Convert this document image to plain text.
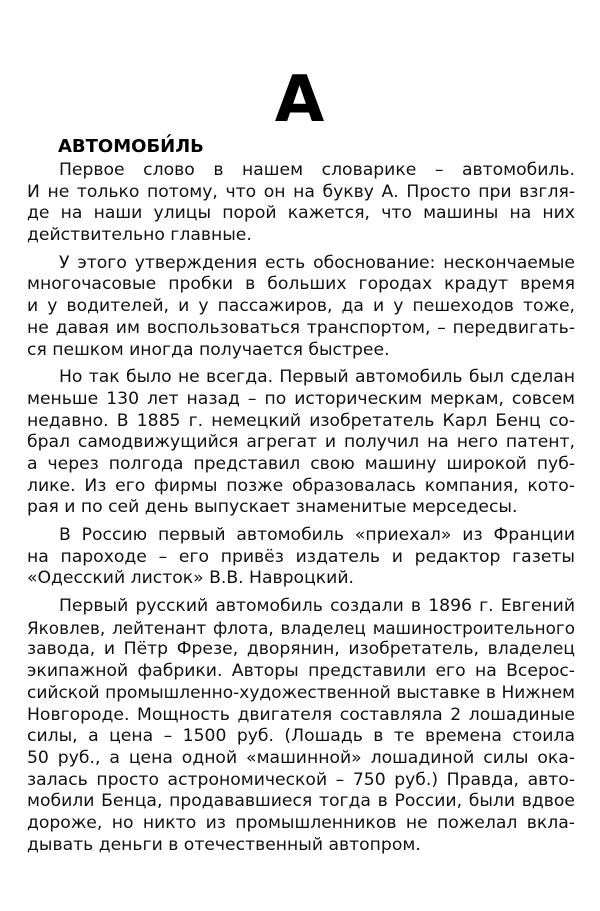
А
АВТОМОБИ́ЛЬ
Первое слово в нашем словарике – автомобиль.
И не только потому, что он на букву А. Просто при взгля-
де на наши улицы порой кажется, что машины на них
действительно главные.
У этого утверждения есть обоснование: нескончаемые
многочасовые пробки в больших городах крадут время
и у водителей, и у пассажиров, да и у пешеходов тоже,
не давая им воспользоваться транспортом, – передвигать-
ся пешком иногда получается быстрее.
Но так было не всегда. Первый автомобиль был сделан
меньше 130 лет назад – по историческим меркам, совсем
недавно. В 1885 г. немецкий изобретатель Карл Бенц со-
брал самодвижущийся агрегат и получил на него патент,
а через полгода представил свою машину широкой пуб-
лике. Из его фирмы позже образовалась компания, кото-
рая и по сей день выпускает знаменитые мерседесы.
В Россию первый автомобиль «приехал» из Франции
на пароходе – его привёз издатель и редактор газеты
«Одесский листок» В.В. Навроцкий.
Первый русский автомобиль создали в 1896 г. Евгений
Яковлев, лейтенант флота, владелец машиностроительного
завода, и Пётр Фрезе, дворянин, изобретатель, владелец
экипажной фабрики. Авторы представили его на Всерос-
сийской промышленно-художественной выставке в Нижнем
Новгороде. Мощность двигателя составляла 2 лошадиные
силы, а цена – 1500 руб. (Лошадь в те времена стоила
50 руб., а цена одной «машинной» лошадиной силы ока-
залась просто астрономической – 750 руб.) Правда, авто-
мобили Бенца, продававшиеся тогда в России, были вдвое
дороже, но никто из промышленников не пожелал вкла-
дывать деньги в отечественный автопром.
